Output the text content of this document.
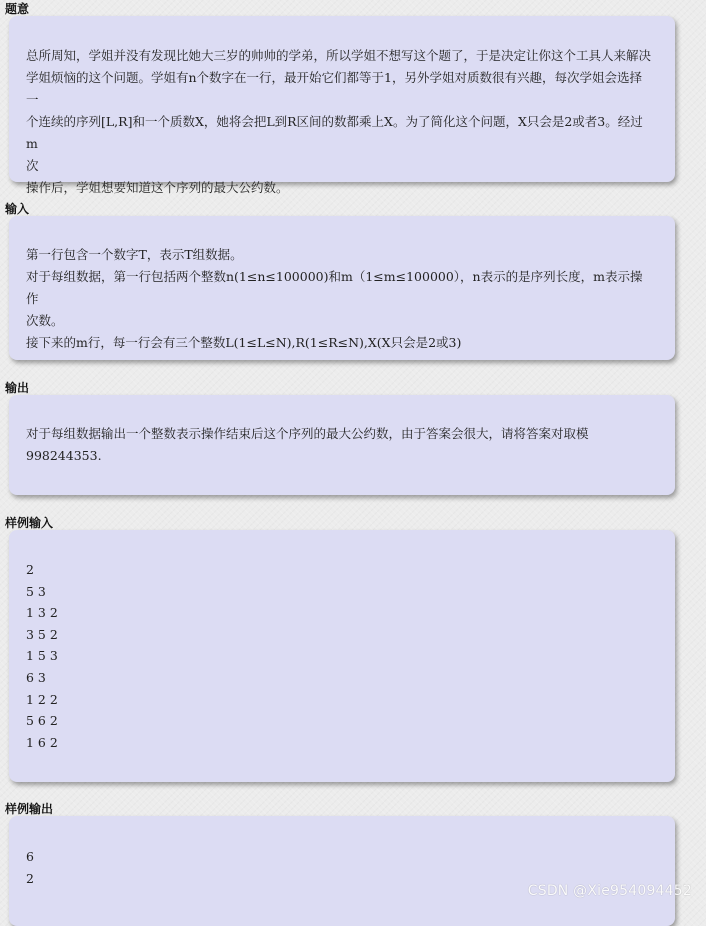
题意
总所周知，学姐并没有发现比她大三岁的帅帅的学弟，所以学姐不想写这个题了，于是决定让你这个工具人来解决
学姐烦恼的这个问题。学姐有n个数字在一行，最开始它们都等于1，另外学姐对质数很有兴趣，每次学姐会选择一
个连续的序列[L,R]和一个质数X，她将会把L到R区间的数都乘上X。为了简化这个问题，X只会是2或者3。经过m
次
操作后，学姐想要知道这个序列的最大公约数。
输入
第一行包含一个数字T，表示T组数据。
对于每组数据，第一行包括两个整数n(1≤n≤100000)和m（1≤m≤100000），n表示的是序列长度，m表示操作
次数。
接下来的m行，每一行会有三个整数L(1≤L≤N),R(1≤R≤N),X(X只会是2或3)
输出
对于每组数据输出一个整数表示操作结束后这个序列的最大公约数，由于答案会很大，请将答案对取模
998244353.
样例输入
2
5 3
1 3 2
3 5 2
1 5 3
6 3
1 2 2
5 6 2
1 6 2
样例输出
6
2
CSDN @Xie954094452
